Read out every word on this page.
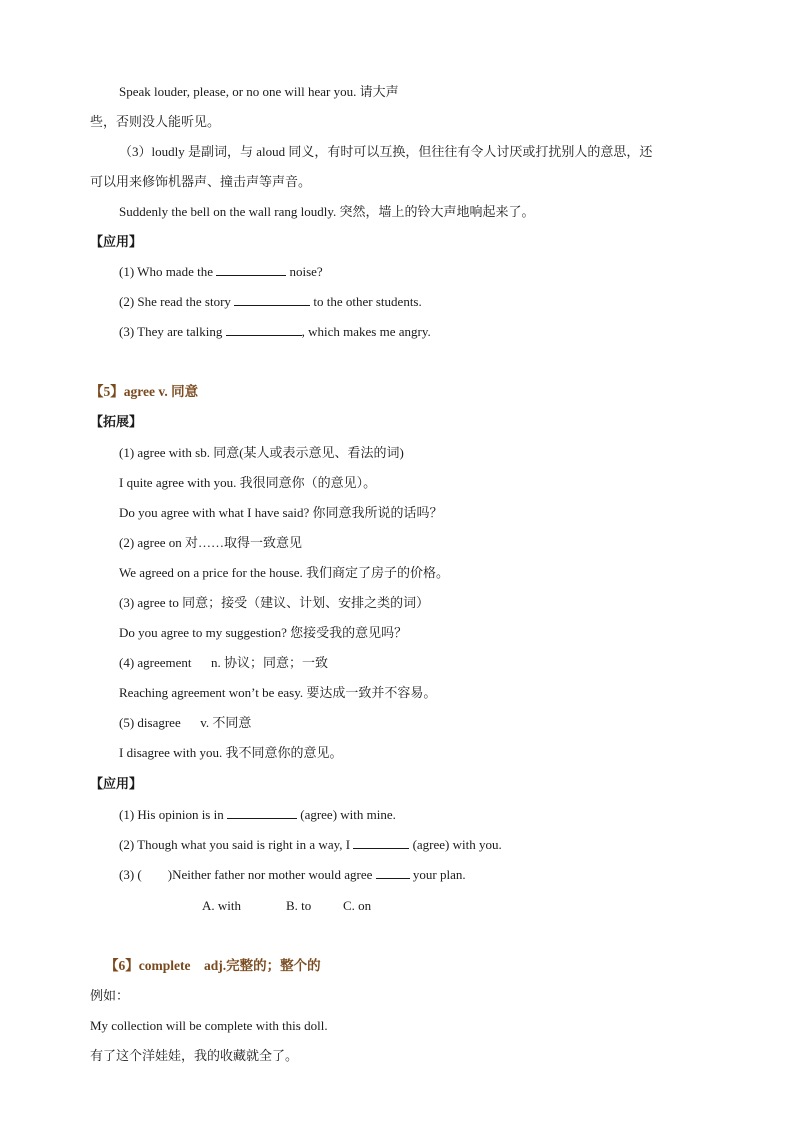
Speak louder, please, or no one will hear you. 请大声
些，否则没人能听见。
（3）loudly 是副词，与 aloud 同义，有时可以互换，但往往有令人讨厌或打扰别人的意思，还
可以用来修饰机器声、撞击声等声音。
Suddenly the bell on the wall rang loudly. 突然，墙上的铃大声地响起来了。
【应用】
(1) Who made the	noise?
(2) She read the story	to the other students.
(3) They are talking	, which makes me angry.
【5】agree v. 同意
【拓展】
(1) agree with sb. 同意(某人或表示意见、看法的词)
I quite agree with you. 我很同意你（的意见）。
Do you agree with what I have said? 你同意我所说的话吗？
(2) agree on 对……取得一致意见
We agreed on a price for the house. 我们商定了房子的价格。
(3) agree to 同意；接受（建议、计划、安排之类的词）
Do you agree to my suggestion? 您接受我的意见吗？
(4) agreement      n. 协议；同意；一致
Reaching agreement won’t be easy. 要达成一致并不容易。
(5) disagree      v. 不同意
I disagree with you. 我不同意你的意见。
【应用】
(1) His opinion is in	(agree) with mine.
(2) Though what you said is right in a way, I	(agree) with you.
(3) (        )Neither father nor mother would agree	your plan.
A. with	B. to C. on
【6】complete    adj.完整的；整个的
例如：
My collection will be complete with this doll.
有了这个洋娃娃，我的收藏就全了。
